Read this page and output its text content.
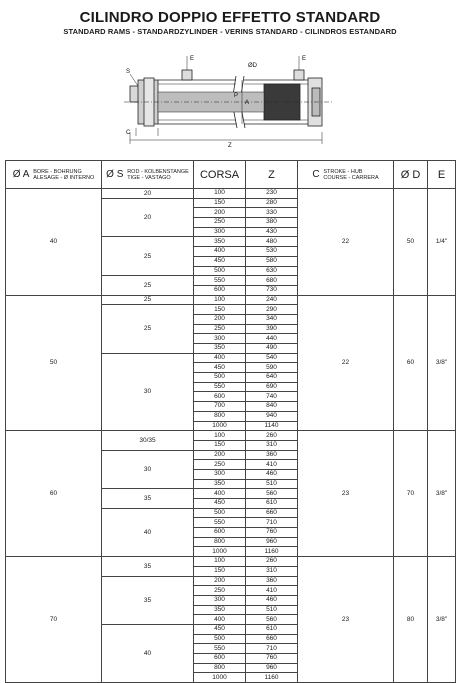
CILINDRO DOPPIO EFFETTO STANDARD
STANDARD RAMS - STANDARDZYLINDER - VERINS STANDARD - CILINDROS ESTANDARD
S
E	E
ØD
A
P
C
Z
Ø A BORE - BOHRUNG
ALESAGE - Ø INTERNO	Ø S ROD - KOLBENSTANGE
TIGE - VASTAGO	CORSA	Z	C STROKE - HUB
COURSE - CARRERA	Ø D	E
40	20	100	230	22	50	1/4"
	20	150	280			
		200	330			
		250	380			
		300	430			
	25	350	480			
		400	530			
		450	580			
		500	630			
	25	550	680			
		600	730			
50	25	100	240	22	60	3/8"
	25	150	290			
		200	340			
		250	390			
		300	440			
		350	490			
	30	400	540			
		450	590			
		500	640			
		550	690			
		600	740			
		700	840			
		800	940			
		1000	1140			
60	30/35	100	260	23	70	3/8"
		150	310			
	30	200	360			
		250	410			
		300	460			
		350	510			
	35	400	560			
		450	610			
	40	500	660			
		550	710			
		600	760			
		800	960			
		1000	1160			
70	35	100	260	23	80	3/8"
		150	310			
	35	200	360			
		250	410			
		300	460			
		350	510			
		400	560			
	40	450	610			
		500	660			
		550	710			
		600	760			
		800	960			
		1000	1160			
